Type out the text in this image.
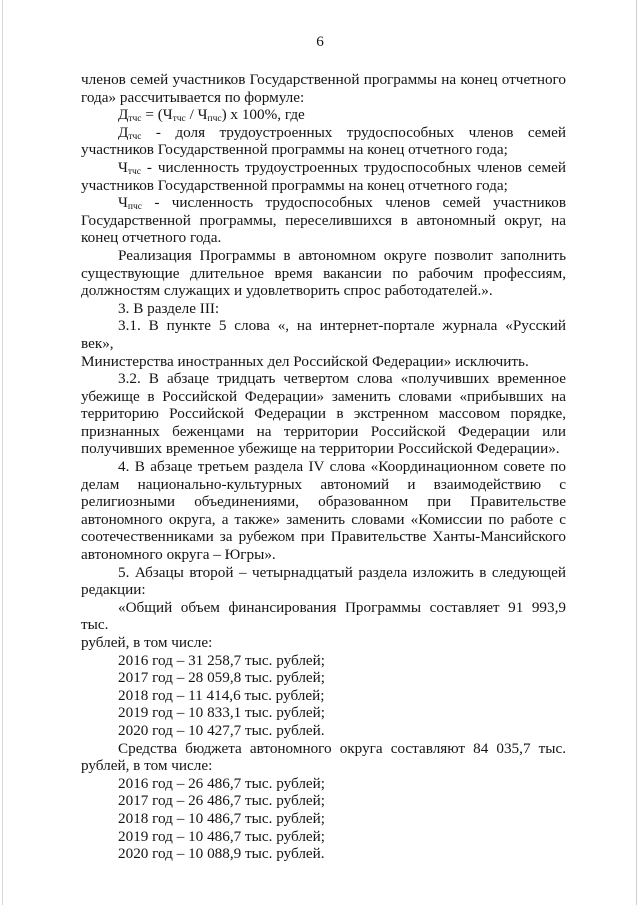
6

членов семей участников Государственной программы на конец отчетного

года» рассчитывается по формуле:

$Д_{тчс} = (Ч_{тчс} / Ч_{пчс})$ x 100%, где

$Д_{тчс}$ - доля трудоустроенных трудоспособных членов семей

участников Государственной программы на конец отчетного года;

$Ч_{тчс}$ - численность трудоустроенных трудоспособных членов семей

участников Государственной программы на конец отчетного года;

$Ч_{пчс}$ - численность трудоспособных членов семей участников

Государственной программы, переселившихся в автономный округ, на

конец отчетного года.

Реализация Программы в автономном округе позволит заполнить

существующие длительное время вакансии по рабочим профессиям,

должностям служащих и удовлетворить спрос работодателей.».

3. В разделе III:

3.1. В пункте 5 слова «, на интернет-портале журнала «Русский век»,

Министерства иностранных дел Российской Федерации» исключить.

3.2. В абзаце тридцать четвертом слова «получивших временное

убежище в Российской Федерации» заменить словами «прибывших на

территорию Российской Федерации в экстренном массовом порядке,

признанных беженцами на территории Российской Федерации или

получивших временное убежище на территории Российской Федерации».

4. В абзаце третьем раздела IV слова «Координационном совете по

делам национально-культурных автономий и взаимодействию с

религиозными объединениями, образованном при Правительстве

автономного округа, а также» заменить словами «Комиссии по работе с

соотечественниками за рубежом при Правительстве Ханты-Мансийского

автономного округа – Югры».

5. Абзацы второй – четырнадцатый раздела изложить в следующей

редакции:

«Общий объем финансирования Программы составляет 91 993,9 тыс.

рублей, в том числе:

2016 год – 31 258,7 тыс. рублей;

2017 год – 28 059,8 тыс. рублей;

2018 год – 11 414,6 тыс. рублей;

2019 год – 10 833,1 тыс. рублей;

2020 год – 10 427,7 тыс. рублей.

Средства бюджета автономного округа составляют 84 035,7 тыс.

рублей, в том числе:

2016 год – 26 486,7 тыс. рублей;

2017 год – 26 486,7 тыс. рублей;

2018 год – 10 486,7 тыс. рублей;

2019 год – 10 486,7 тыс. рублей;

2020 год – 10 088,9 тыс. рублей.
